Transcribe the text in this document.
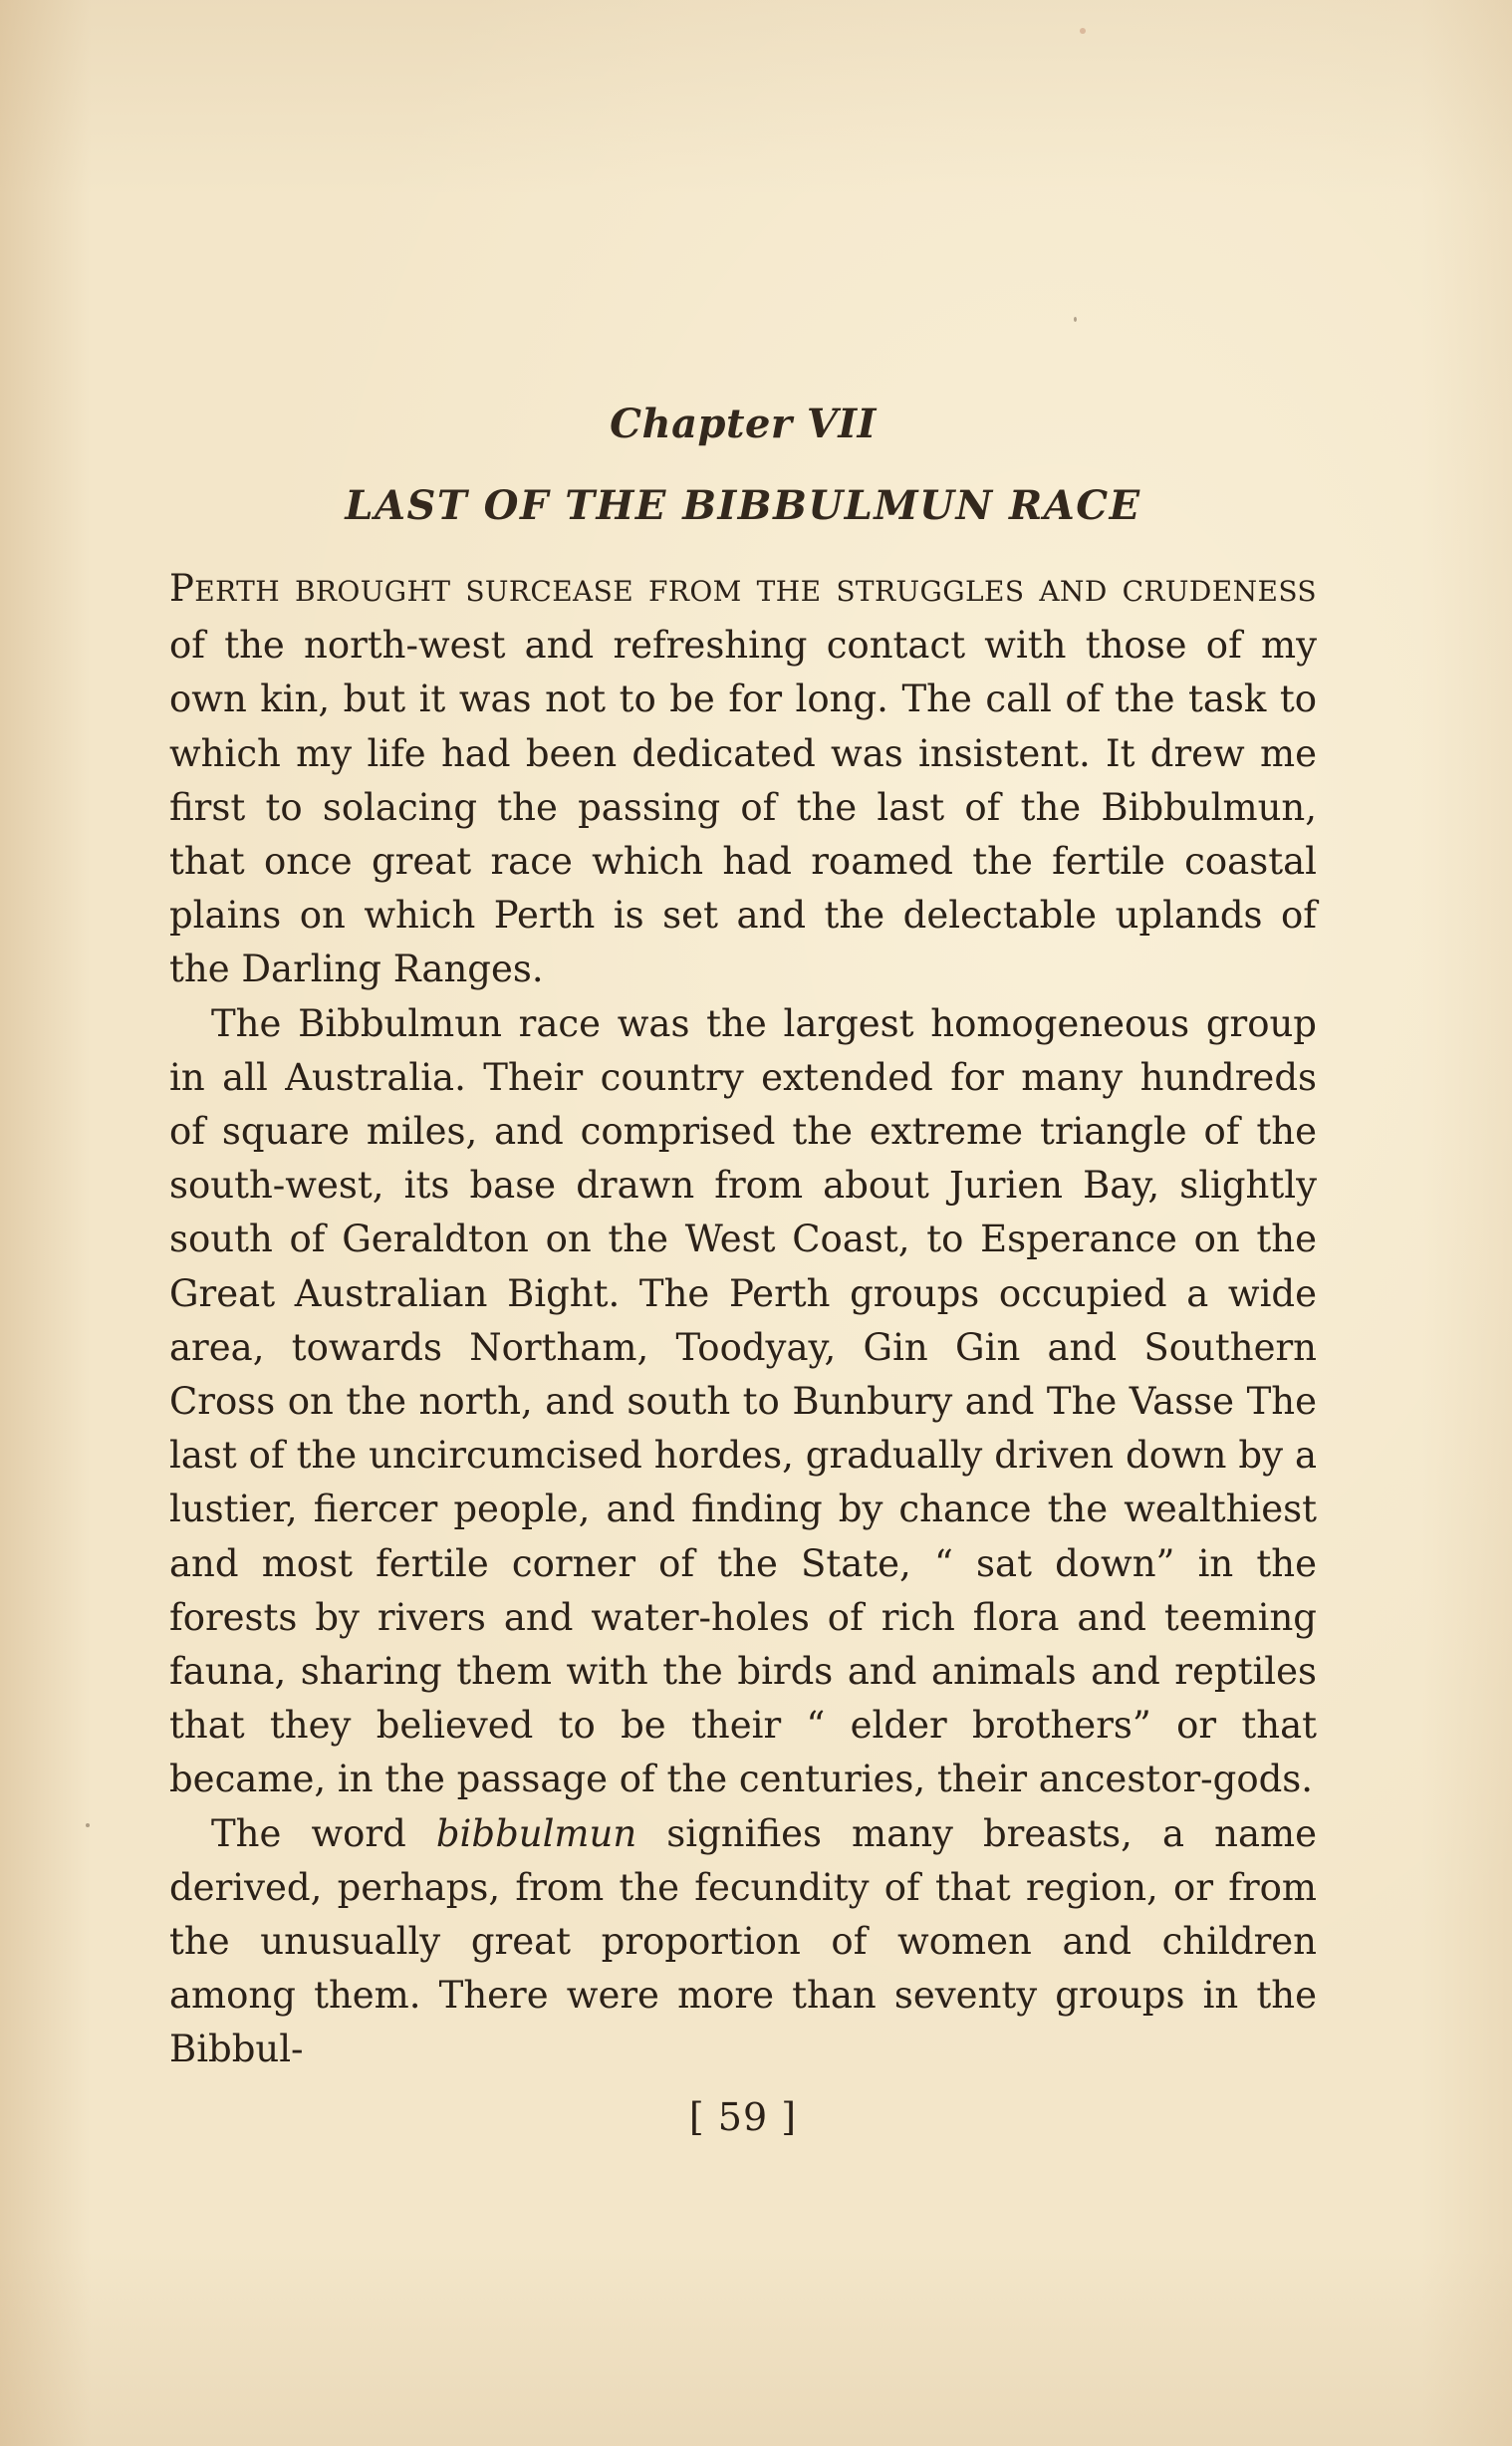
Chapter VII
LAST OF THE BIBBULMUN RACE

PERTH BROUGHT SURCEASE FROM THE STRUGGLES AND CRUDENESS of the north-west and refreshing contact with those of my own kin, but it was not to be for long. The call of the task to which my life had been dedicated was insistent. It drew me first to solacing the passing of the last of the Bibbulmun, that once great race which had roamed the fertile coastal plains on which Perth is set and the delectable uplands of the Darling Ranges.

The Bibbulmun race was the largest homogeneous group in all Australia. Their country extended for many hundreds of square miles, and comprised the extreme triangle of the south-west, its base drawn from about Jurien Bay, slightly south of Geraldton on the West Coast, to Esperance on the Great Australian Bight. The Perth groups occupied a wide area, towards Northam, Toodyay, Gin Gin and Southern Cross on the north, and south to Bunbury and The Vasse The last of the uncircumcised hordes, gradually driven down by a lustier, fiercer people, and finding by chance the wealthiest and most fertile corner of the State, “ sat down” in the forests by rivers and water-holes of rich flora and teeming fauna, sharing them with the birds and animals and reptiles that they believed to be their “ elder brothers” or that became, in the passage of the centuries, their ancestor-gods.

The word bibbulmun signifies many breasts, a name derived, perhaps, from the fecundity of that region, or from the unusually great proportion of women and children among them. There were more than seventy groups in the Bibbul-

[ 59 ]
